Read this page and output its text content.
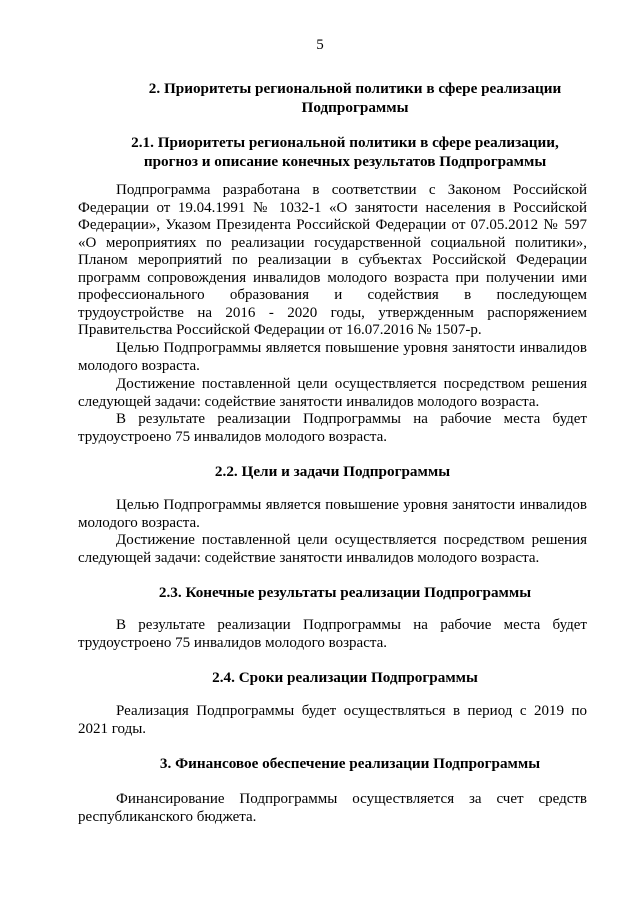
5
2. Приоритеты региональной политики в сфере реализации
Подпрограммы
2.1. Приоритеты региональной политики в сфере реализации,
прогноз и описание конечных результатов Подпрограммы

Подпрограмма разработана в соответствии с Законом Российской Федерации от 19.04.1991 № 1032-1 «О занятости населения в Российской Федерации», Указом Президента Российской Федерации от 07.05.2012 № 597 «О мероприятиях по реализации государственной социальной политики», Планом мероприятий по реализации в субъектах Российской Федерации программ сопровождения инвалидов молодого возраста при получении ими профессионального образования и содействия в последующем трудоустройстве на 2016 - 2020 годы, утвержденным распоряжением Правительства Российской Федерации от 16.07.2016 № 1507-р.

Целью Подпрограммы является повышение уровня занятости инвалидов молодого возраста.

Достижение поставленной цели осуществляется посредством решения следующей задачи: содействие занятости инвалидов молодого возраста.

В результате реализации Подпрограммы на рабочие места будет трудоустроено 75 инвалидов молодого возраста.

2.2. Цели и задачи Подпрограммы

Целью Подпрограммы является повышение уровня занятости инвалидов молодого возраста.

Достижение поставленной цели осуществляется посредством решения следующей задачи: содействие занятости инвалидов молодого возраста.

2.3. Конечные результаты реализации Подпрограммы

В результате реализации Подпрограммы на рабочие места будет трудоустроено 75 инвалидов молодого возраста.

2.4. Сроки реализации Подпрограммы

Реализация Подпрограммы будет осуществляться в период с 2019 по 2021 годы.

3. Финансовое обеспечение реализации Подпрограммы

Финансирование Подпрограммы осуществляется за счет средств республиканского бюджета.
